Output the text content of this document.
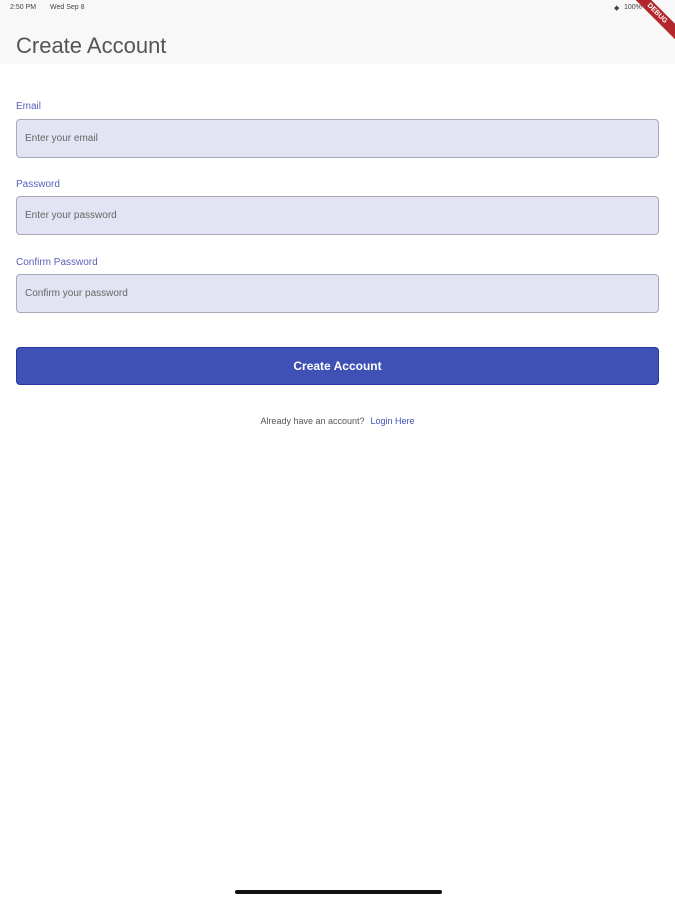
2:50 PM Wed Sep 8	◆ 100%
Create Account
DEBUG
Email
Enter your email
Password
Enter your password
Confirm Password
Confirm your password
Create Account
Already have an account? Login Here
